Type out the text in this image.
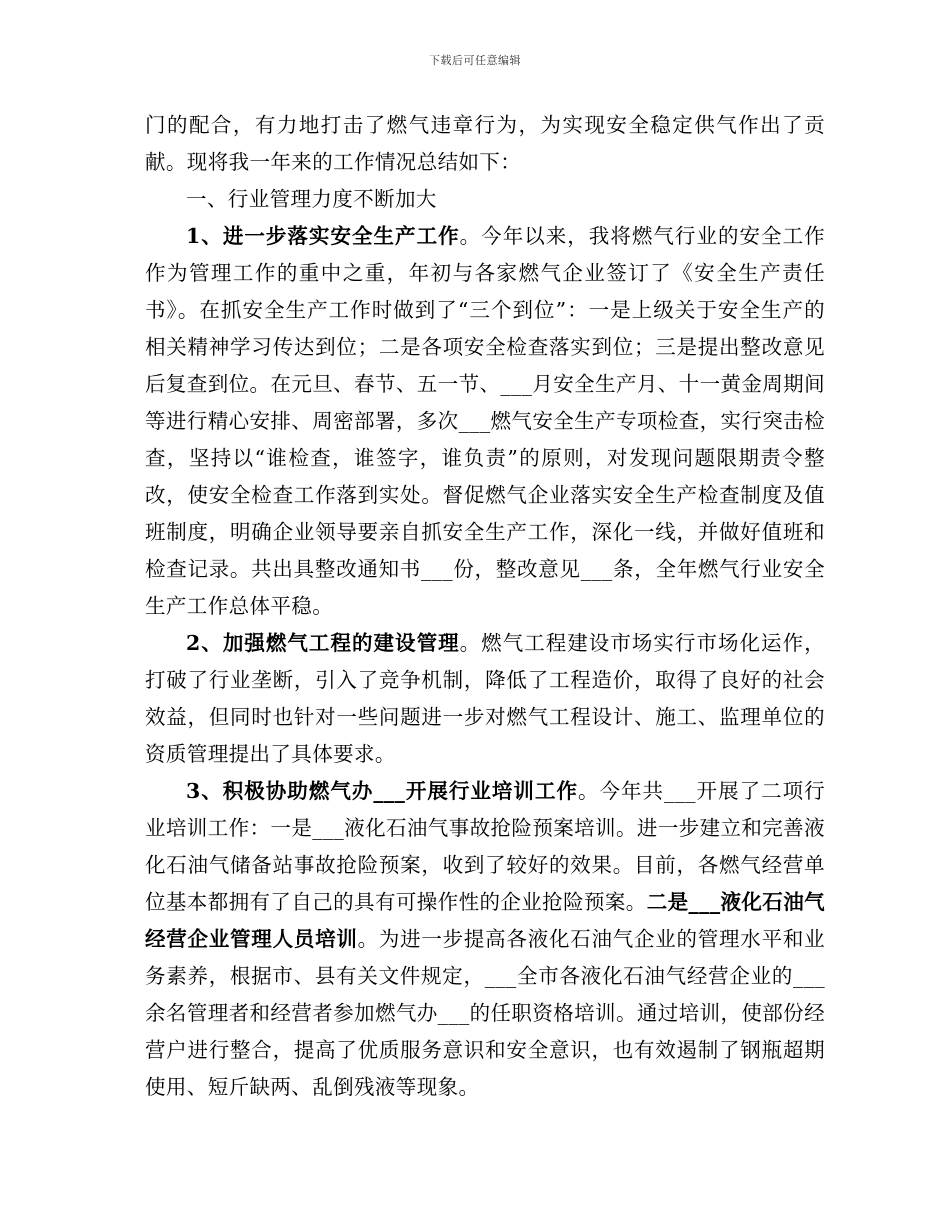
下载后可任意编辑

门的配合，有力地打击了燃气违章行为，为实现安全稳定供气作出了贡献。现将我一年来的工作情况总结如下：

一、行业管理力度不断加大

1、进一步落实安全生产工作。今年以来，我将燃气行业的安全工作作为管理工作的重中之重，年初与各家燃气企业签订了《安全生产责任书》。在抓安全生产工作时做到了“三个到位”：一是上级关于安全生产的相关精神学习传达到位；二是各项安全检查落实到位；三是提出整改意见后复查到位。在元旦、春节、五一节、___月安全生产月、十一黄金周期间等进行精心安排、周密部署，多次___燃气安全生产专项检查，实行突击检查，坚持以“谁检查，谁签字，谁负责”的原则，对发现问题限期责令整改，使安全检查工作落到实处。督促燃气企业落实安全生产检查制度及值班制度，明确企业领导要亲自抓安全生产工作，深化一线，并做好值班和检查记录。共出具整改通知书___份，整改意见___条，全年燃气行业安全生产工作总体平稳。

2、加强燃气工程的建设管理。燃气工程建设市场实行市场化运作，打破了行业垄断，引入了竞争机制，降低了工程造价，取得了良好的社会效益，但同时也针对一些问题进一步对燃气工程设计、施工、监理单位的资质管理提出了具体要求。

3、积极协助燃气办___开展行业培训工作。今年共___开展了二项行业培训工作：一是___液化石油气事故抢险预案培训。进一步建立和完善液化石油气储备站事故抢险预案，收到了较好的效果。目前，各燃气经营单位基本都拥有了自己的具有可操作性的企业抢险预案。二是___液化石油气经营企业管理人员培训。为进一步提高各液化石油气企业的管理水平和业务素养，根据市、县有关文件规定，___全市各液化石油气经营企业的___余名管理者和经营者参加燃气办___的任职资格培训。通过培训，使部份经营户进行整合，提高了优质服务意识和安全意识，也有效遏制了钢瓶超期使用、短斤缺两、乱倒残液等现象。
